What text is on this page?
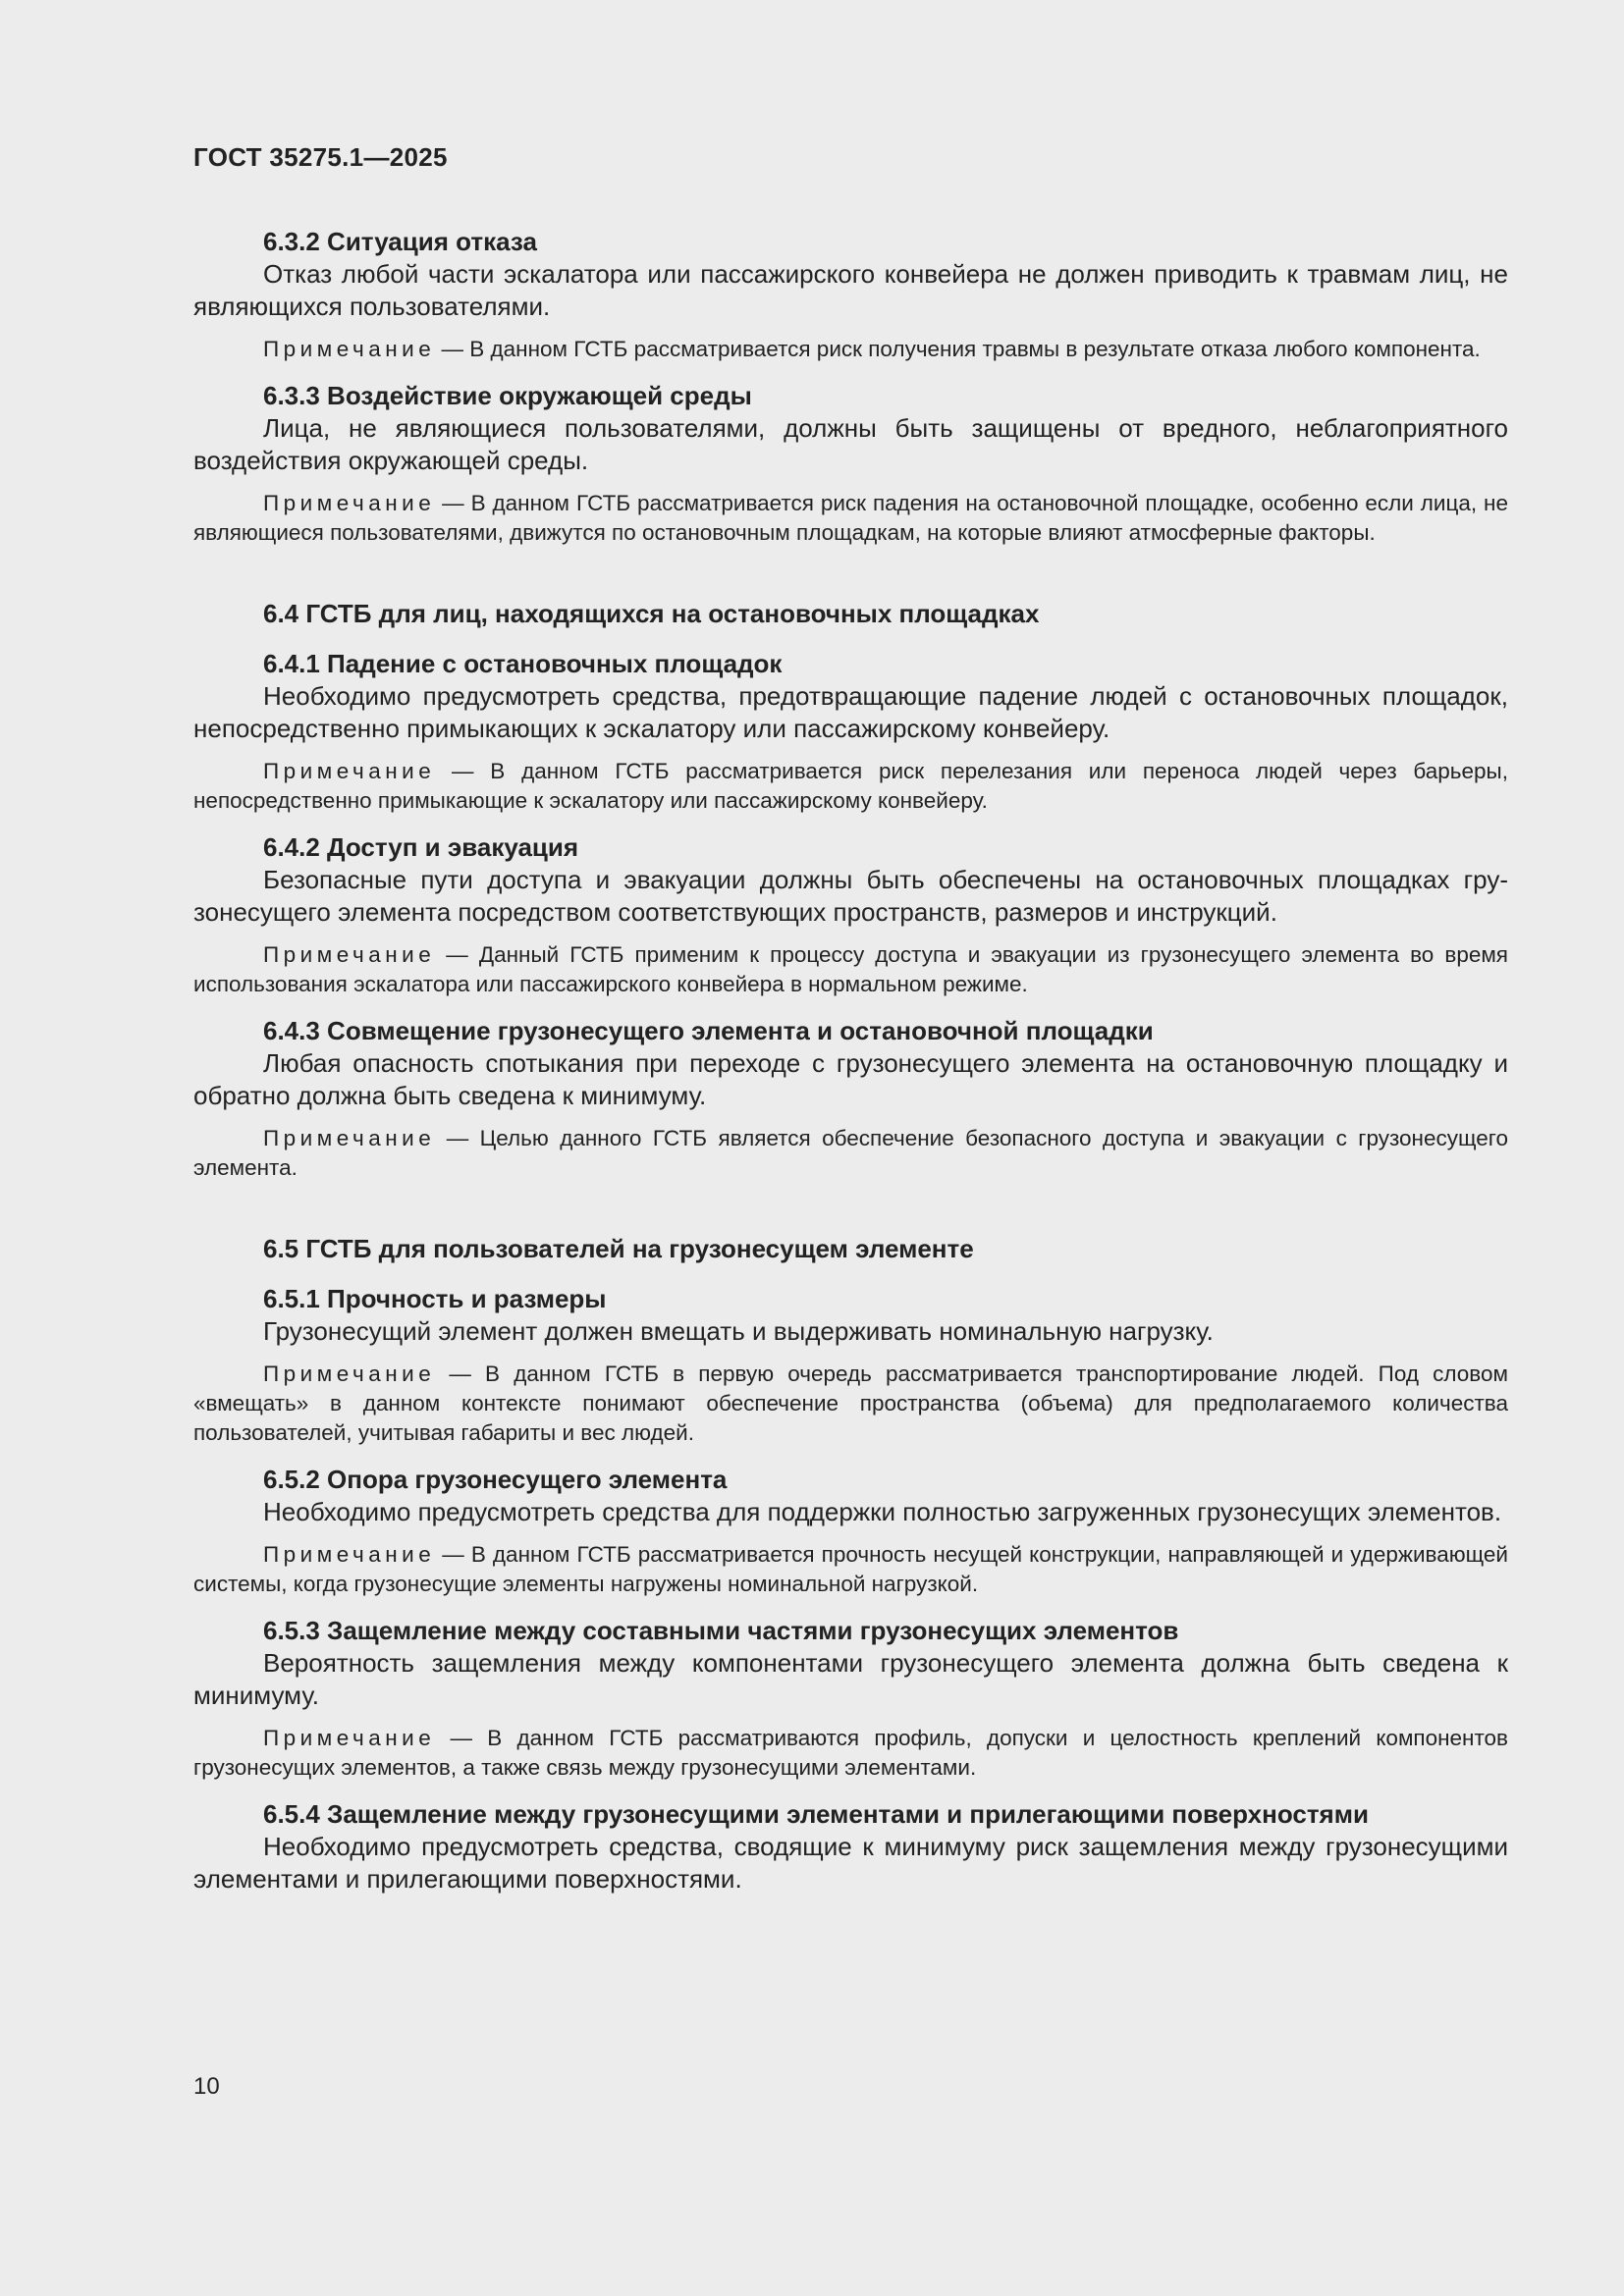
ГОСТ 35275.1—2025
6.3.2 Ситуация отказа

Отказ любой части эскалатора или пассажирского конвейера не должен приводить к травмам лиц, не являющихся пользователями.

Примечание — В данном ГСТБ рассматривается риск получения травмы в результате отказа любого компонента.

6.3.3 Воздействие окружающей среды

Лица, не являющиеся пользователями, должны быть защищены от вредного, неблагоприятного воздействия окружающей среды.

Примечание — В данном ГСТБ рассматривается риск падения на остановочной площадке, особенно если лица, не являющиеся пользователями, движутся по остановочным площадкам, на которые влияют атмосферные факторы.

6.4 ГСТБ для лиц, находящихся на остановочных площадках
6.4.1 Падение с остановочных площадок

Необходимо предусмотреть средства, предотвращающие падение людей с остановочных площадок, непосредственно примыкающих к эскалатору или пассажирскому конвейеру.

Примечание — В данном ГСТБ рассматривается риск перелезания или переноса людей через барьеры, непосредственно примыкающие к эскалатору или пассажирскому конвейеру.

6.4.2 Доступ и эвакуация

Безопасные пути доступа и эвакуации должны быть обеспечены на остановочных площадках грузонесущего элемента посредством соответствующих пространств, размеров и инструкций.

Примечание — Данный ГСТБ применим к процессу доступа и эвакуации из грузонесущего элемента во время использования эскалатора или пассажирского конвейера в нормальном режиме.

6.4.3 Совмещение грузонесущего элемента и остановочной площадки

Любая опасность спотыкания при переходе с грузонесущего элемента на остановочную площадку и обратно должна быть сведена к минимуму.

Примечание — Целью данного ГСТБ является обеспечение безопасного доступа и эвакуации с грузонесущего элемента.

6.5 ГСТБ для пользователей на грузонесущем элементе
6.5.1 Прочность и размеры

Грузонесущий элемент должен вмещать и выдерживать номинальную нагрузку.

Примечание — В данном ГСТБ в первую очередь рассматривается транспортирование людей. Под словом «вмещать» в данном контексте понимают обеспечение пространства (объема) для предполагаемого количества пользователей, учитывая габариты и вес людей.

6.5.2 Опора грузонесущего элемента

Необходимо предусмотреть средства для поддержки полностью загруженных грузонесущих элементов.

Примечание — В данном ГСТБ рассматривается прочность несущей конструкции, направляющей и удерживающей системы, когда грузонесущие элементы нагружены номинальной нагрузкой.

6.5.3 Защемление между составными частями грузонесущих элементов

Вероятность защемления между компонентами грузонесущего элемента должна быть сведена к минимуму.

Примечание — В данном ГСТБ рассматриваются профиль, допуски и целостность креплений компонентов грузонесущих элементов, а также связь между грузонесущими элементами.

6.5.4 Защемление между грузонесущими элементами и прилегающими поверхностями

Необходимо предусмотреть средства, сводящие к минимуму риск защемления между грузонесущими элементами и прилегающими поверхностями.

10
